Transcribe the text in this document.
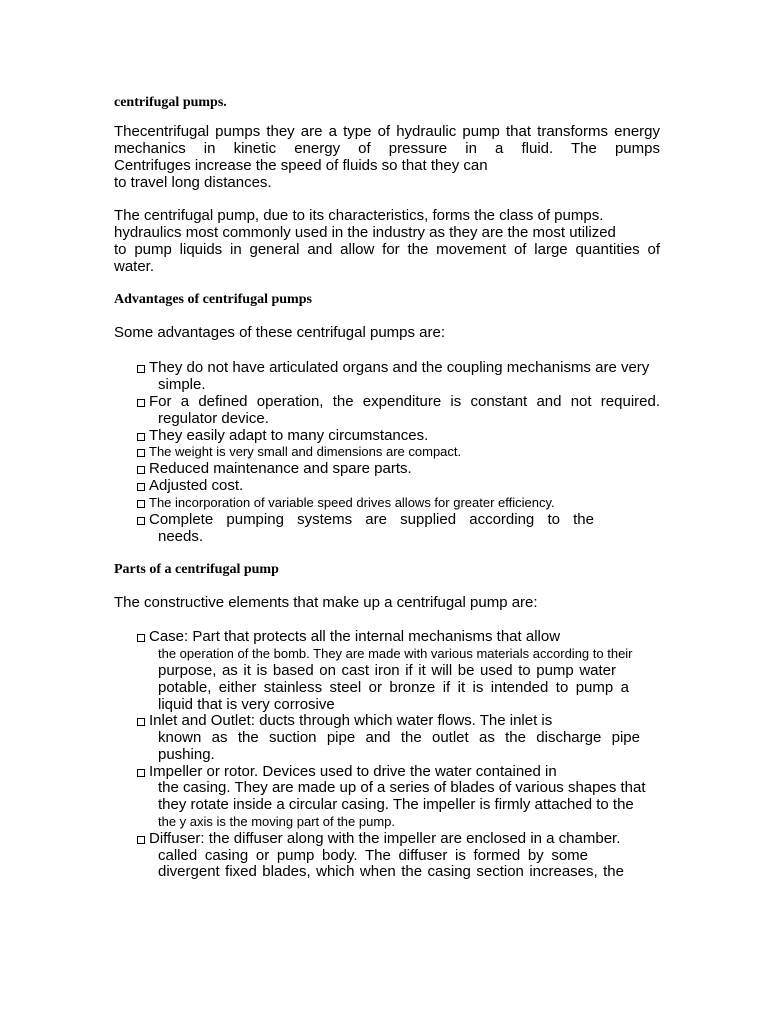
centrifugal pumps.
Thecentrifugal pumps they are a type of hydraulic pump that transforms energy
mechanics in kinetic energy of pressure in a fluid. The pumps
Centrifuges increase the speed of fluids so that they can
to travel long distances.
The centrifugal pump, due to its characteristics, forms the class of pumps.
hydraulics most commonly used in the industry as they are the most utilized
to pump liquids in general and allow for the movement of large quantities of
water.
Advantages of centrifugal pumps
Some advantages of these centrifugal pumps are:
They do not have articulated organs and the coupling mechanisms are very
simple.
For a defined operation, the expenditure is constant and not required.
regulator device.
They easily adapt to many circumstances.
The weight is very small and dimensions are compact.
Reduced maintenance and spare parts.
Adjusted cost.
The incorporation of variable speed drives allows for greater efficiency.
Complete pumping systems are supplied according to the
needs.
Parts of a centrifugal pump
The constructive elements that make up a centrifugal pump are:
Case: Part that protects all the internal mechanisms that allow
the operation of the bomb. They are made with various materials according to their
purpose, as it is based on cast iron if it will be used to pump water
potable, either stainless steel or bronze if it is intended to pump a
liquid that is very corrosive
Inlet and Outlet: ducts through which water flows. The inlet is
known as the suction pipe and the outlet as the discharge pipe
pushing.
Impeller or rotor. Devices used to drive the water contained in
the casing. They are made up of a series of blades of various shapes that
they rotate inside a circular casing. The impeller is firmly attached to the
the y axis is the moving part of the pump.
Diffuser: the diffuser along with the impeller are enclosed in a chamber.
called casing or pump body. The diffuser is formed by some
divergent fixed blades, which when the casing section increases, the
